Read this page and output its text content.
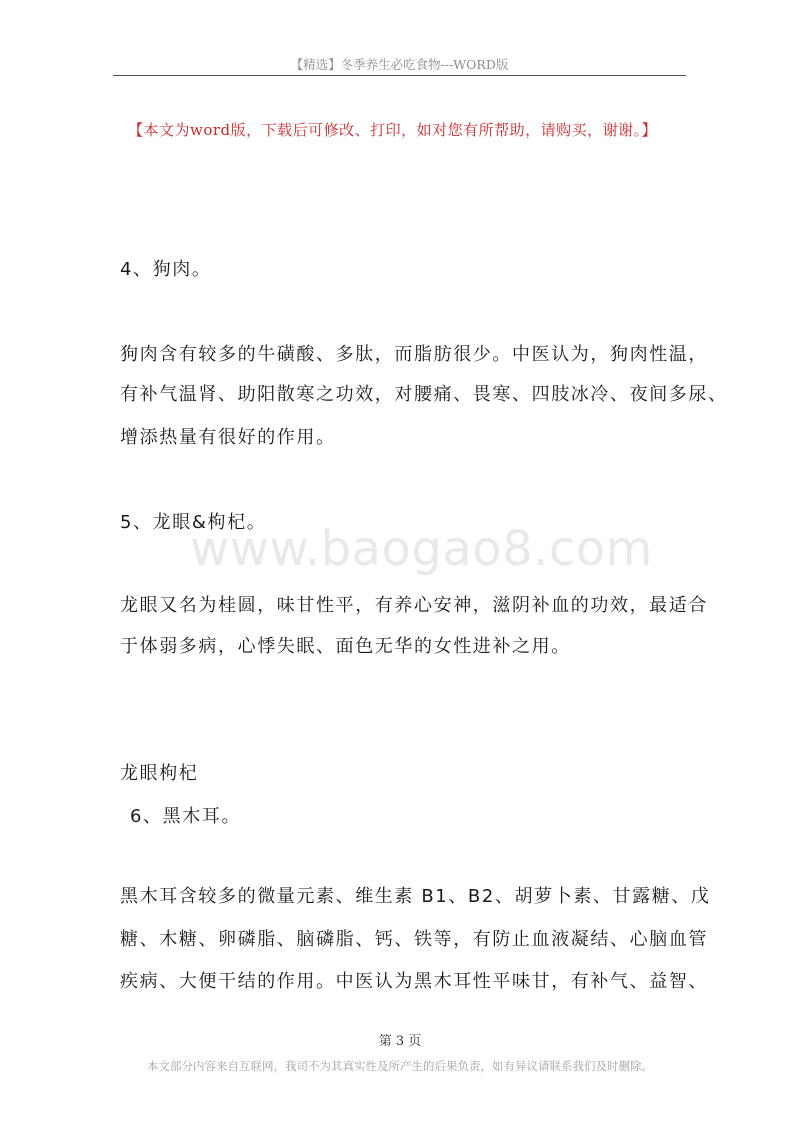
【精选】冬季养生必吃食物---WORD版
【本文为word版，下载后可修改、打印，如对您有所帮助，请购买，谢谢。】
www.baogao8.com
4、狗肉。
狗肉含有较多的牛磺酸、多肽，而脂肪很少。中医认为，狗肉性温，
有补气温肾、助阳散寒之功效，对腰痛、畏寒、四肢冰冷、夜间多尿、
增添热量有很好的作用。
5、龙眼&枸杞。
龙眼又名为桂圆，味甘性平，有养心安神，滋阴补血的功效，最适合
于体弱多病，心悸失眠、面色无华的女性进补之用。
龙眼枸杞
6、黑木耳。
黑木耳含较多的微量元素、维生素 B1、B2、胡萝卜素、甘露糖、戊
糖、木糖、卵磷脂、脑磷脂、钙、铁等，有防止血液凝结、心脑血管
疾病、大便干结的作用。中医认为黑木耳性平味甘，有补气、益智、
第 3 页
本文部分内容来自互联网，我司不为其真实性及所产生的后果负责，如有异议请联系我们及时删除。
